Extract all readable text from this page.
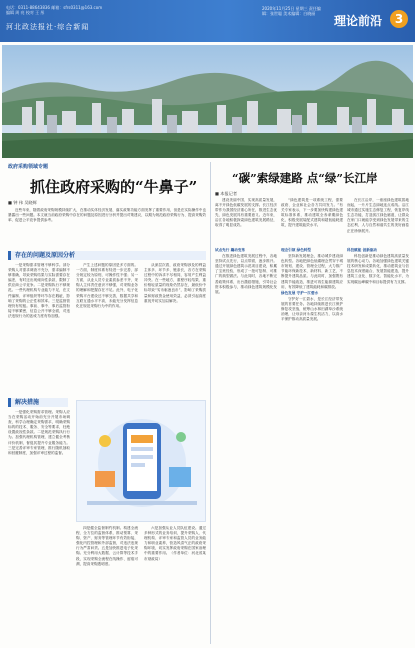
电话：0311-88643836 邮箱：sfrs0311@163.com
编辑 周 亮 校对 王 彤
河北政法报社·综合新闻
2020年11月25日 星期三 责任编辑：张世聪 美术编辑：白晓丽
理论前沿	3
政府采购领域专题
抓住政府采购的“牛鼻子”
■ 钟 伟 吴晓辉

近些年来，随着政府采购规模持续扩大，在推动实体经济发展、落实政策功能方面发挥了重要作用，但是在实际操作中也暴露出一些问题。本文就当前政府采购中存在的问题及原因进行分析并提出对策建议，以期为规范政府采购行为、提高采购效率、促进公平竞争提供参考。

存在的问题及原因分析

一是采购需求管理不够科学。部分采购人对需求调查不充分，需求编制不够准确，导致采购结果与实际需要存在偏差，有时还出现倾向性条款，限制了供应商公平竞争。二是采购执行不够规范。一些代理机构专业能力不足，在文件编制、评审组织等环节存在瑕疵，影响了采购的公正性和效率。三是监督管理仍有短板。事前、事中、事后监管衔接不够紧密，信息公开不够全面，对违法违规行为的惩戒力度有待加强。

产生上述问题的原因是多方面的。一方面，制度体系有待进一步完善，部分规定较为原则，可操作性不强；另一方面，从业人员专业素质参差不齐，采购人主体责任意识不够强，对采购业务的理解和把握存在不足。此外，电子化采购平台建设还不够完善，数据共享和互联互通水平不高，未能充分发挥信息化在规范采购行为中的作用。

从深层次看，政府采购涉及的利益主体多、环节多、链条长，各方在采购过程中的诉求不尽相同，容易产生利益冲突。在一些地方，重程序轻结果、重价格轻质量的现象仍然存在，最低价中标导致“劣币驱逐良币”，影响了采购质量和财政资金使用效益，必须引起高度重视并切实加以解决。

解决措施

一是强化采购需求管理。采购人应当在采购活动开始前充分开展市场调查，科学合理确定采购需求，明确采购标的的技术、服务、安全等要求，杜绝设置歧视性条款。二是规范采购执行行为。加强代理机构管理，建立健全考核评价机制，督促其提升专业服务能力。三是完善评审专家管理，推行随机抽取和回避制度，加强评审过程的监督。

四是健全监督制约机制。构建全流程、全方位的监督体系，推动预算、采购、资产、财务等管理环节有效衔接，强化内控管理和外部监督，对违法违规行为严肃问责。五是加快推进电子化采购。充分利用大数据、云计算等技术手段，实现采购全流程在线操作、留痕可溯，提高采购透明度。

六是加强从业人员队伍建设。通过多种形式的业务培训，提升采购人、代理机构、评审专家和监管人员的业务能力和职业素养，营造风清气正的政府采购环境，切实发挥政府采购在国家治理中的重要作用。（作者单位：河北省某市财政局）

“碳”索绿建路 点“绿”长江岸
■ 本报记者

建设美丽中国、实现高质量发展，离不开绿色低碳发展的支撑。长江经济带作为我国经济重心所在，推进生态优先、绿色发展具有重要意义。近年来，沿江各地积极探索绿色建筑发展路径，取得了明显成效。

“绿色建筑是一项系统工程，需要政府、企业和社会各方共同发力。”有关专家表示，下一步要加快构建绿色建筑标准体系，推动建筑全寿命期绿色化，积极发展装配式建筑和超低能耗建筑，提升建筑能效水平。

在长江沿岸，一座座绿色建筑拔地而起，一片片生态绿地连点成线。沿江城市通过实施生态修复工程，恢复岸线生态功能，打造滨江绿色廊道，让群众在家门口就能享受到绿色发展带来的生态红利，人与自然和谐共生的美好画卷正在徐徐展开。

试点先行 撬动变革

在推进绿色建筑发展过程中，各地坚持试点先行，以点带面，逐步推开。通过开展绿色建筑示范项目建设，积累了宝贵经验，形成了一批可复制、可推广的典型做法。与此同时，各地不断完善政策体系，出台激励措施，引导社会资本积极参与，推动绿色建筑规模化发展。

理念引领 绿色转型

坚持新发展理念，推动城乡建设绿色转型。各地把绿色低碳理念贯穿于城市规划、建设、管理全过程，大力推广节能环保新技术、新材料、新工艺，不断提升建筑品质。与此同时，加强既有建筑节能改造，推进可再生能源建筑应用，有效降低了建筑能耗和碳排放。

绿色发展 守护一江碧水

守护好一江碧水，是长江经济带发展的首要任务。各地持续推进长江保护修复攻坚战，统筹山水林田湖草沙系统治理，让母亲河永葆生机活力，以高水平保护推动高质量发展。

科技赋能 创新驱动

科技创新是推动绿色建筑高质量发展的核心动力。各地加强绿色建筑关键技术研发和成果转化，推动建筑业与信息技术深度融合，发展智能建造，提升建筑工业化、数字化、智能化水平，为实现碳达峰碳中和目标提供有力支撑。
